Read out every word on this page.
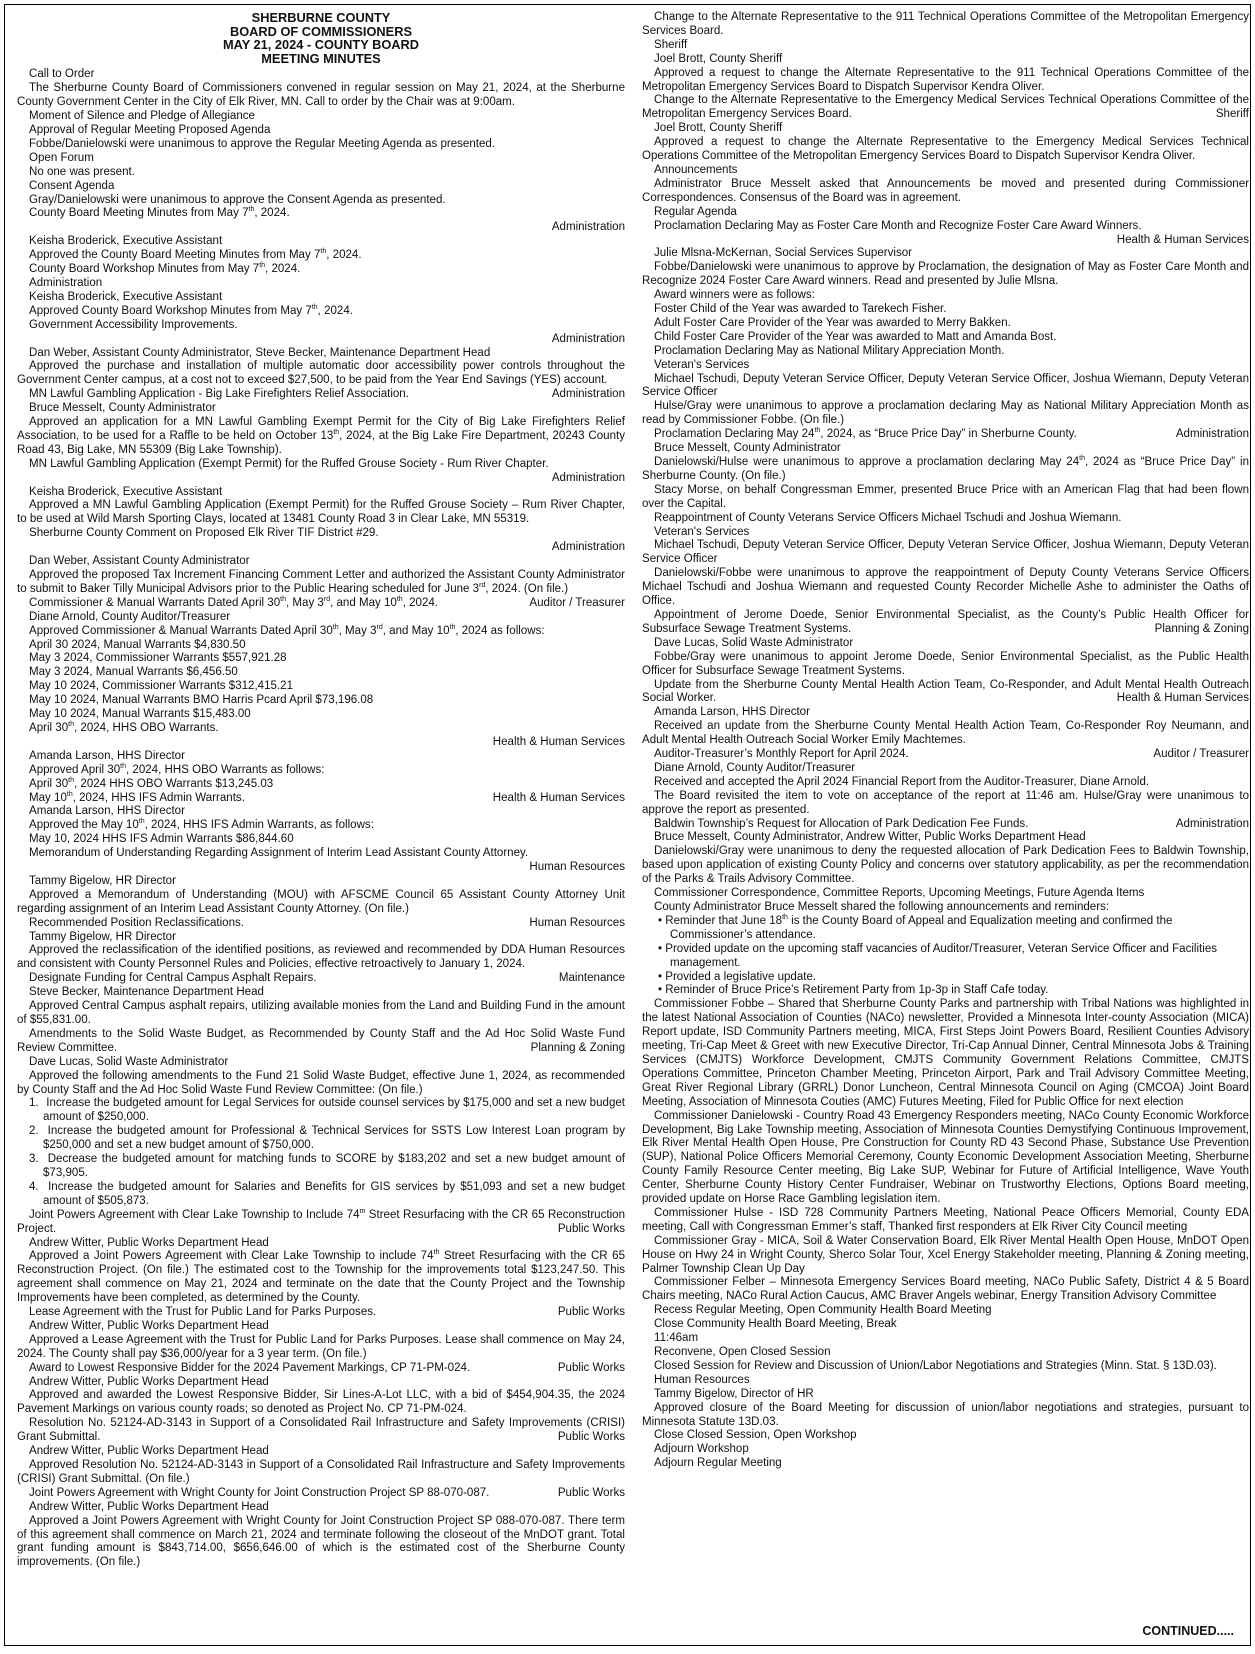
SHERBURNE COUNTY
BOARD OF COMMISSIONERS
MAY 21, 2024 - COUNTY BOARD
MEETING MINUTES

Call to Order

The Sherburne County Board of Commissioners convened in regular session on May 21, 2024, at the Sherburne County Government Center in the City of Elk River, MN. Call to order by the Chair was at 9:00am.

Moment of Silence and Pledge of Allegiance

Approval of Regular Meeting Proposed Agenda

Fobbe/Danielowski were unanimous to approve the Regular Meeting Agenda as presented.

Open Forum

No one was present.

Consent Agenda

Gray/Danielowski were unanimous to approve the Consent Agenda as presented.

County Board Meeting Minutes from May 7th, 2024.

Administration

Keisha Broderick, Executive Assistant

Approved the County Board Meeting Minutes from May 7th, 2024.

County Board Workshop Minutes from May 7th, 2024.

Administration

Keisha Broderick, Executive Assistant

Approved County Board Workshop Minutes from May 7th, 2024.

Government Accessibility Improvements.

Administration

Dan Weber, Assistant County Administrator, Steve Becker, Maintenance Department Head

Approved the purchase and installation of multiple automatic door accessibility power controls throughout the Government Center campus, at a cost not to exceed $27,500, to be paid from the Year End Savings (YES) account.

MN Lawful Gambling Application - Big Lake Firefighters Relief Association.	Administration

Bruce Messelt, County Administrator

Approved an application for a MN Lawful Gambling Exempt Permit for the City of Big Lake Firefighters Relief Association, to be used for a Raffle to be held on October 13th, 2024, at the Big Lake Fire Department, 20243 County Road 43, Big Lake, MN 55309 (Big Lake Township).

MN Lawful Gambling Application (Exempt Permit) for the Ruffed Grouse Society - Rum River Chapter.

Administration

Keisha Broderick, Executive Assistant

Approved a MN Lawful Gambling Application (Exempt Permit) for the Ruffed Grouse Society – Rum River Chapter, to be used at Wild Marsh Sporting Clays, located at 13481 County Road 3 in Clear Lake, MN 55319.

Sherburne County Comment on Proposed Elk River TIF District #29.

Administration

Dan Weber, Assistant County Administrator

Approved the proposed Tax Increment Financing Comment Letter and authorized the Assistant County Administrator to submit to Baker Tilly Municipal Advisors prior to the Public Hearing scheduled for June 3rd, 2024. (On file.)

Commissioner & Manual Warrants Dated April 30th, May 3rd, and May 10th, 2024.	Auditor / Treasurer

Diane Arnold, County Auditor/Treasurer

Approved Commissioner & Manual Warrants Dated April 30th, May 3rd, and May 10th, 2024 as follows:

April 30 2024, Manual Warrants $4,830.50

May 3 2024, Commissioner Warrants $557,921.28

May 3 2024, Manual Warrants $6,456.50

May 10 2024, Commissioner Warrants $312,415.21

May 10 2024, Manual Warrants BMO Harris Pcard April $73,196.08

May 10 2024, Manual Warrants $15,483.00

April 30th, 2024, HHS OBO Warrants.

Health & Human Services

Amanda Larson, HHS Director

Approved April 30th, 2024, HHS OBO Warrants as follows:

April 30th, 2024 HHS OBO Warrants $13,245.03

May 10th, 2024, HHS IFS Admin Warrants.	Health & Human Services

Amanda Larson, HHS Director

Approved the May 10th, 2024, HHS IFS Admin Warrants, as follows:

May 10, 2024 HHS IFS Admin Warrants $86,844.60

Memorandum of Understanding Regarding Assignment of Interim Lead Assistant County Attorney.

Human Resources

Tammy Bigelow, HR Director

Approved a Memorandum of Understanding (MOU) with AFSCME Council 65 Assistant County Attorney Unit regarding assignment of an Interim Lead Assistant County Attorney. (On file.)

Recommended Position Reclassifications.	Human Resources

Tammy Bigelow, HR Director

Approved the reclassification of the identified positions, as reviewed and recommended by DDA Human Resources and consistent with County Personnel Rules and Policies, effective retroactively to January 1, 2024.

Designate Funding for Central Campus Asphalt Repairs.	Maintenance

Steve Becker, Maintenance Department Head

Approved Central Campus asphalt repairs, utilizing available monies from the Land and Building Fund in the amount of $55,831.00.

Amendments to the Solid Waste Budget, as Recommended by County Staff and the Ad Hoc Solid Waste Fund Review Committee.	Planning & Zoning

Dave Lucas, Solid Waste Administrator

Approved the following amendments to the Fund 21 Solid Waste Budget, effective June 1, 2024, as recommended by County Staff and the Ad Hoc Solid Waste Fund Review Committee: (On file.)

1. Increase the budgeted amount for Legal Services for outside counsel services by $175,000 and set a new budget amount of $250,000.
2. Increase the budgeted amount for Professional & Technical Services for SSTS Low Interest Loan program by $250,000 and set a new budget amount of $750,000.
3. Decrease the budgeted amount for matching funds to SCORE by $183,202 and set a new budget amount of $73,905.
4. Increase the budgeted amount for Salaries and Benefits for GIS services by $51,093 and set a new budget amount of $505,873.

Joint Powers Agreement with Clear Lake Township to Include 74th Street Resurfacing with the CR 65 Reconstruction Project.	Public Works

Andrew Witter, Public Works Department Head

Approved a Joint Powers Agreement with Clear Lake Township to include 74th Street Resurfacing with the CR 65 Reconstruction Project. (On file.) The estimated cost to the Township for the improvements total $123,247.50. This agreement shall commence on May 21, 2024 and terminate on the date that the County Project and the Township Improvements have been completed, as determined by the County.

Lease Agreement with the Trust for Public Land for Parks Purposes.	Public Works

Andrew Witter, Public Works Department Head

Approved a Lease Agreement with the Trust for Public Land for Parks Purposes. Lease shall commence on May 24, 2024. The County shall pay $36,000/year for a 3 year term. (On file.)

Award to Lowest Responsive Bidder for the 2024 Pavement Markings, CP 71-PM-024.	Public Works

Andrew Witter, Public Works Department Head

Approved and awarded the Lowest Responsive Bidder, Sir Lines-A-Lot LLC, with a bid of $454,904.35, the 2024 Pavement Markings on various county roads; so denoted as Project No. CP 71-PM-024.

Resolution No. 52124-AD-3143 in Support of a Consolidated Rail Infrastructure and Safety Improvements (CRISI) Grant Submittal.	Public Works

Andrew Witter, Public Works Department Head

Approved Resolution No. 52124-AD-3143 in Support of a Consolidated Rail Infrastructure and Safety Improvements (CRISI) Grant Submittal. (On file.)

Joint Powers Agreement with Wright County for Joint Construction Project SP 88-070-087.	Public Works

Andrew Witter, Public Works Department Head

Approved a Joint Powers Agreement with Wright County for Joint Construction Project SP 088-070-087. There term of this agreement shall commence on March 21, 2024 and terminate following the closeout of the MnDOT grant. Total grant funding amount is $843,714.00, $656,646.00 of which is the estimated cost of the Sherburne County improvements. (On file.)

Change to the Alternate Representative to the 911 Technical Operations Committee of the Metropolitan Emergency Services Board.

Sheriff

Joel Brott, County Sheriff

Approved a request to change the Alternate Representative to the 911 Technical Operations Committee of the Metropolitan Emergency Services Board to Dispatch Supervisor Kendra Oliver.

Change to the Alternate Representative to the Emergency Medical Services Technical Operations Committee of the Metropolitan Emergency Services Board.	Sheriff

Joel Brott, County Sheriff

Approved a request to change the Alternate Representative to the Emergency Medical Services Technical Operations Committee of the Metropolitan Emergency Services Board to Dispatch Supervisor Kendra Oliver.

Announcements

Administrator Bruce Messelt asked that Announcements be moved and presented during Commissioner Correspondences. Consensus of the Board was in agreement.

Regular Agenda

Proclamation Declaring May as Foster Care Month and Recognize Foster Care Award Winners.

Health & Human Services

Julie Mlsna-McKernan, Social Services Supervisor

Fobbe/Danielowski were unanimous to approve by Proclamation, the designation of May as Foster Care Month and Recognize 2024 Foster Care Award winners. Read and presented by Julie Mlsna.

Award winners were as follows:

Foster Child of the Year was awarded to Tarekech Fisher.

Adult Foster Care Provider of the Year was awarded to Merry Bakken.

Child Foster Care Provider of the Year was awarded to Matt and Amanda Bost.

Proclamation Declaring May as National Military Appreciation Month.

Veteran's Services

Michael Tschudi, Deputy Veteran Service Officer, Deputy Veteran Service Officer, Joshua Wiemann, Deputy Veteran Service Officer

Hulse/Gray were unanimous to approve a proclamation declaring May as National Military Appreciation Month as read by Commissioner Fobbe. (On file.)

Proclamation Declaring May 24th, 2024, as “Bruce Price Day” in Sherburne County.	Administration

Bruce Messelt, County Administrator

Danielowski/Hulse were unanimous to approve a proclamation declaring May 24th, 2024 as “Bruce Price Day” in Sherburne County. (On file.)

Stacy Morse, on behalf Congressman Emmer, presented Bruce Price with an American Flag that had been flown over the Capital.

Reappointment of County Veterans Service Officers Michael Tschudi and Joshua Wiemann.

Veteran's Services

Michael Tschudi, Deputy Veteran Service Officer, Deputy Veteran Service Officer, Joshua Wiemann, Deputy Veteran Service Officer

Danielowski/Fobbe were unanimous to approve the reappointment of Deputy County Veterans Service Officers Michael Tschudi and Joshua Wiemann and requested County Recorder Michelle Ashe to administer the Oaths of Office.

Appointment of Jerome Doede, Senior Environmental Specialist, as the County’s Public Health Officer for Subsurface Sewage Treatment Systems.	Planning & Zoning

Dave Lucas, Solid Waste Administrator

Fobbe/Gray were unanimous to appoint Jerome Doede, Senior Environmental Specialist, as the Public Health Officer for Subsurface Sewage Treatment Systems.

Update from the Sherburne County Mental Health Action Team, Co-Responder, and Adult Mental Health Outreach Social Worker.	Health & Human Services

Amanda Larson, HHS Director

Received an update from the Sherburne County Mental Health Action Team, Co-Responder Roy Neumann, and Adult Mental Health Outreach Social Worker Emily Machtemes.

Auditor-Treasurer’s Monthly Report for April 2024.	Auditor / Treasurer

Diane Arnold, County Auditor/Treasurer

Received and accepted the April 2024 Financial Report from the Auditor-Treasurer, Diane Arnold.

The Board revisited the item to vote on acceptance of the report at 11:46 am. Hulse/Gray were unanimous to approve the report as presented.

Baldwin Township’s Request for Allocation of Park Dedication Fee Funds.	Administration

Bruce Messelt, County Administrator, Andrew Witter, Public Works Department Head

Danielowski/Gray were unanimous to deny the requested allocation of Park Dedication Fees to Baldwin Township, based upon application of existing County Policy and concerns over statutory applicability, as per the recommendation of the Parks & Trails Advisory Committee.

Commissioner Correspondence, Committee Reports, Upcoming Meetings, Future Agenda Items

County Administrator Bruce Messelt shared the following announcements and reminders:

• Reminder that June 18th is the County Board of Appeal and Equalization meeting and confirmed the Commissioner’s attendance.
• Provided update on the upcoming staff vacancies of Auditor/Treasurer, Veteran Service Officer and Facilities management.
• Provided a legislative update.
• Reminder of Bruce Price’s Retirement Party from 1p-3p in Staff Cafe today.

Commissioner Fobbe – Shared that Sherburne County Parks and partnership with Tribal Nations was highlighted in the latest National Association of Counties (NACo) newsletter, Provided a Minnesota Inter-county Association (MICA) Report update, ISD Community Partners meeting, MICA, First Steps Joint Powers Board, Resilient Counties Advisory meeting, Tri-Cap Meet & Greet with new Executive Director, Tri-Cap Annual Dinner, Central Minnesota Jobs & Training Services (CMJTS) Workforce Development, CMJTS Community Government Relations Committee, CMJTS Operations Committee, Princeton Chamber Meeting, Princeton Airport, Park and Trail Advisory Committee Meeting, Great River Regional Library (GRRL) Donor Luncheon, Central Minnesota Council on Aging (CMCOA) Joint Board Meeting, Association of Minnesota Couties (AMC) Futures Meeting, Filed for Public Office for next election

Commissioner Danielowski - Country Road 43 Emergency Responders meeting, NACo County Economic Workforce Development, Big Lake Township meeting, Association of Minnesota Counties Demystifying Continuous Improvement, Elk River Mental Health Open House, Pre Construction for County RD 43 Second Phase, Substance Use Prevention (SUP), National Police Officers Memorial Ceremony, County Economic Development Association Meeting, Sherburne County Family Resource Center meeting, Big Lake SUP, Webinar for Future of Artificial Intelligence, Wave Youth Center, Sherburne County History Center Fundraiser, Webinar on Trustworthy Elections, Options Board meeting, provided update on Horse Race Gambling legislation item.

Commissioner Hulse - ISD 728 Community Partners Meeting, National Peace Officers Memorial, County EDA meeting, Call with Congressman Emmer’s staff, Thanked first responders at Elk River City Council meeting

Commissioner Gray - MICA, Soil & Water Conservation Board, Elk River Mental Health Open House, MnDOT Open House on Hwy 24 in Wright County, Sherco Solar Tour, Xcel Energy Stakeholder meeting, Planning & Zoning meeting, Palmer Township Clean Up Day

Commissioner Felber – Minnesota Emergency Services Board meeting, NACo Public Safety, District 4 & 5 Board Chairs meeting, NACo Rural Action Caucus, AMC Braver Angels webinar, Energy Transition Advisory Committee

Recess Regular Meeting, Open Community Health Board Meeting

Close Community Health Board Meeting, Break

11:46am

Reconvene, Open Closed Session

Closed Session for Review and Discussion of Union/Labor Negotiations and Strategies (Minn. Stat. § 13D.03).

Human Resources

Tammy Bigelow, Director of HR

Approved closure of the Board Meeting for discussion of union/labor negotiations and strategies, pursuant to Minnesota Statute 13D.03.

Close Closed Session, Open Workshop

Adjourn Workshop

Adjourn Regular Meeting

CONTINUED.....
